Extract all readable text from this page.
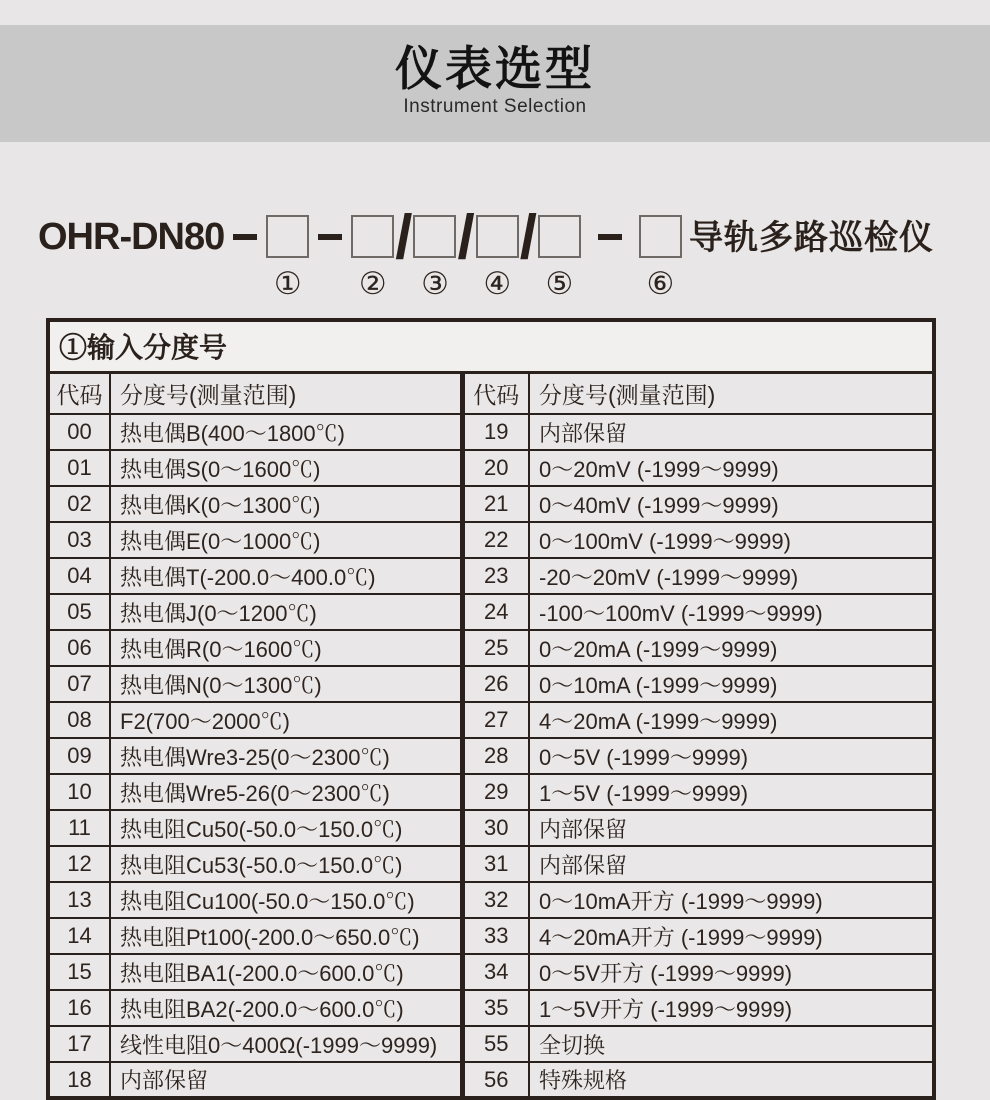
仪表选型
Instrument Selection
OHR-DN80
① ②
/
③
/
④
/
⑤ ⑥
导轨多路巡检仪
①输入分度号			
代码	分度号(测量范围)	代码	分度号(测量范围)
00	热电偶B(400～1800℃)	19	内部保留
01	热电偶S(0～1600℃)	20	0～20mV (-1999～9999)
02	热电偶K(0～1300℃)	21	0～40mV (-1999～9999)
03	热电偶E(0～1000℃)	22	0～100mV (-1999～9999)
04	热电偶T(-200.0～400.0℃)	23	-20～20mV (-1999～9999)
05	热电偶J(0～1200℃)	24	-100～100mV (-1999～9999)
06	热电偶R(0～1600℃)	25	0～20mA (-1999～9999)
07	热电偶N(0～1300℃)	26	0～10mA (-1999～9999)
08	F2(700～2000℃)	27	4～20mA (-1999～9999)
09	热电偶Wre3-25(0～2300℃)	28	0～5V (-1999～9999)
10	热电偶Wre5-26(0～2300℃)	29	1～5V (-1999～9999)
11	热电阻Cu50(-50.0～150.0℃)	30	内部保留
12	热电阻Cu53(-50.0～150.0℃)	31	内部保留
13	热电阻Cu100(-50.0～150.0℃)	32	0～10mA开方 (-1999～9999)
14	热电阻Pt100(-200.0～650.0℃)	33	4～20mA开方 (-1999～9999)
15	热电阻BA1(-200.0～600.0℃)	34	0～5V开方 (-1999～9999)
16	热电阻BA2(-200.0～600.0℃)	35	1～5V开方 (-1999～9999)
17	线性电阻0～400Ω(-1999～9999)	55	全切换
18	内部保留	56	特殊规格
